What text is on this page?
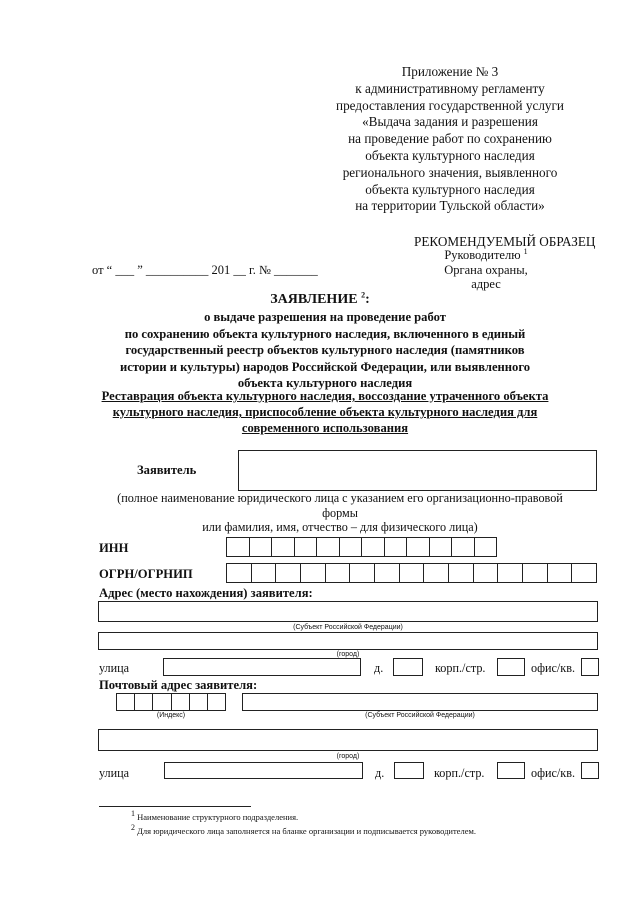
Приложение № 3
к административному регламенту
предоставления государственной услуги
«Выдача задания и разрешения
на проведение работ по сохранению
объекта культурного наследия
регионального значения, выявленного
объекта культурного наследия
на территории Тульской области»
РЕКОМЕНДУЕМЫЙ ОБРАЗЕЦ
Руководителю $^1$
Органа охраны,
адрес
от “ ___ ” __________ 201 __ г. № _______
ЗАЯВЛЕНИЕ $^2$:
о выдаче разрешения на проведение работ
по сохранению объекта культурного наследия, включенного в единый
государственный реестр объектов культурного наследия (памятников
истории и культуры) народов Российской Федерации, или выявленного
объекта культурного наследия
Реставрация объекта культурного наследия, воссоздание утраченного объекта
культурного наследия, приспособление объекта культурного наследия для
современного использования
Заявитель
(полное наименование юридического лица с указанием его организационно-правовой
формы
или фамилия, имя, отчество – для физического лица)
ИНН
ОГРН/ОГРНИП
Адрес (место нахождения) заявителя:
(Субъект Российской Федерации)
(город)
улица	д.	корп./стр.	офис/кв.
Почтовый адрес заявителя:
(Индекс)	(Субъект Российской Федерации)
(город)
улица	д.	корп./стр.	офис/кв.
$^1$ Наименование структурного подразделения.
$^2$ Для юридического лица заполняется на бланке организации и подписывается руководителем.
